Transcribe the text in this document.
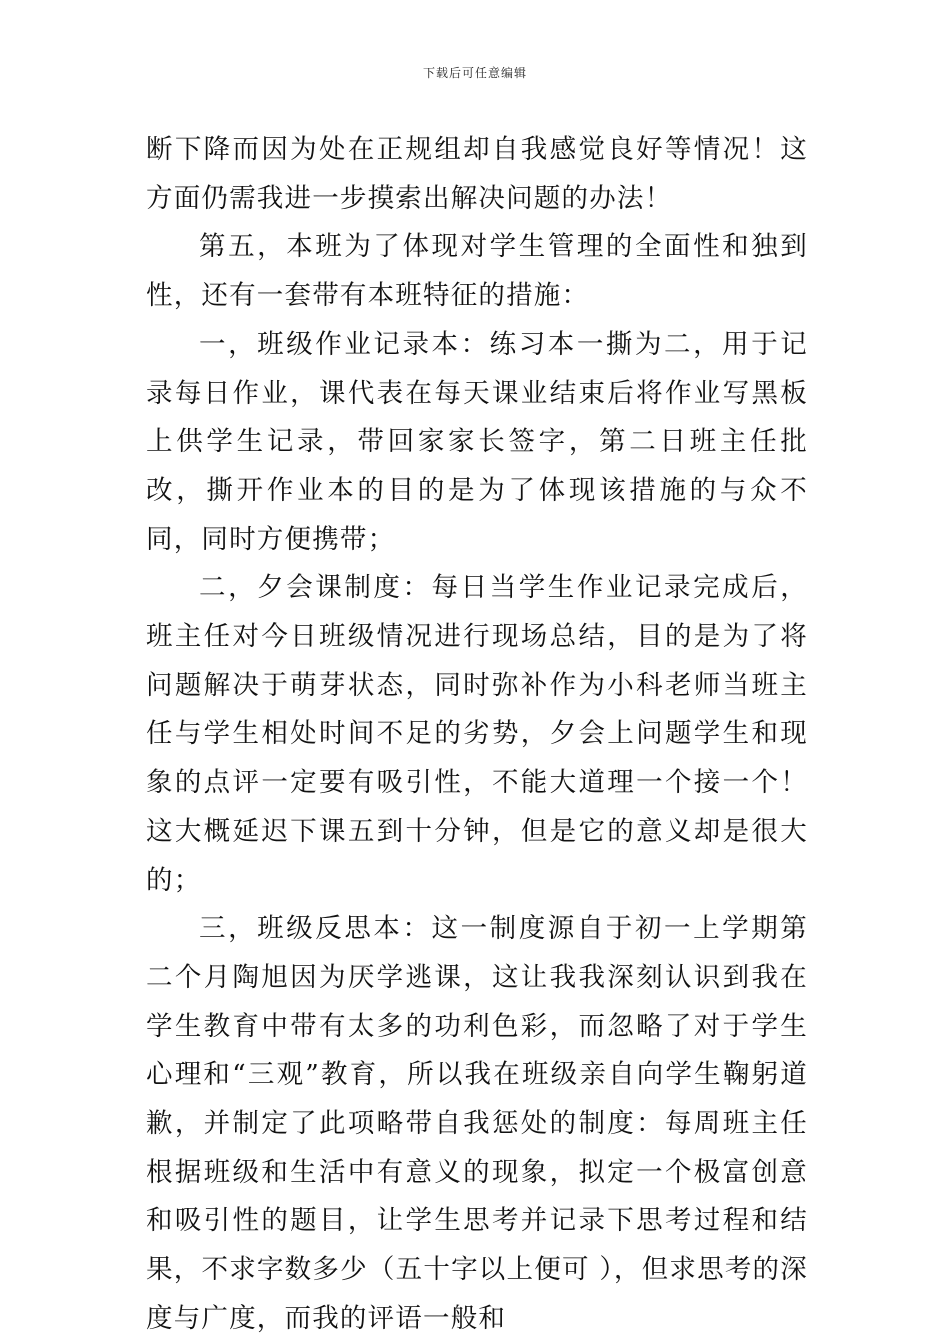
下载后可任意编辑

断下降而因为处在正规组却自我感觉良好等情况！这方面仍需我进一步摸索出解决问题的办法！

第五，本班为了体现对学生管理的全面性和独到性，还有一套带有本班特征的措施：

一，班级作业记录本：练习本一撕为二，用于记录每日作业，课代表在每天课业结束后将作业写黑板上供学生记录，带回家家长签字，第二日班主任批改，撕开作业本的目的是为了体现该措施的与众不同，同时方便携带；

二，夕会课制度：每日当学生作业记录完成后，班主任对今日班级情况进行现场总结，目的是为了将问题解决于萌芽状态，同时弥补作为小科老师当班主任与学生相处时间不足的劣势，夕会上问题学生和现象的点评一定要有吸引性，不能大道理一个接一个！这大概延迟下课五到十分钟，但是它的意义却是很大的；

三，班级反思本：这一制度源自于初一上学期第二个月陶旭因为厌学逃课，这让我我深刻认识到我在学生教育中带有太多的功利色彩，而忽略了对于学生心理和“三观”教育，所以我在班级亲自向学生鞠躬道歉，并制定了此项略带自我惩处的制度：每周班主任根据班级和生活中有意义的现象，拟定一个极富创意和吸引性的题目，让学生思考并记录下思考过程和结果，不求字数多少（五十字以上便可 ），但求思考的深度与广度，而我的评语一般和
